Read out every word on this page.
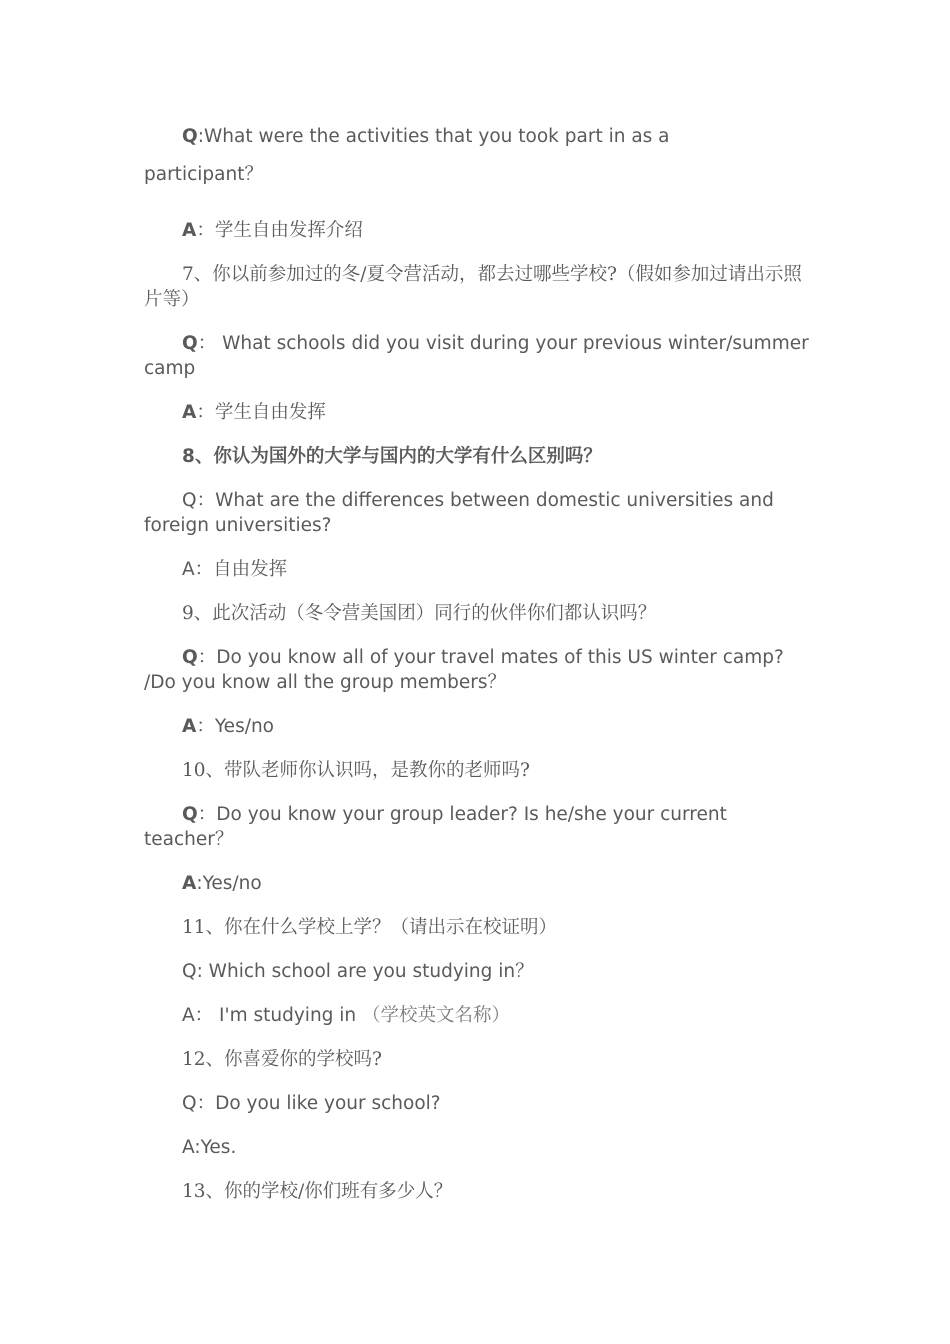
Q:What were the activities that you took part in as a
participant？
A：学生自由发挥介绍
7、你以前参加过的冬/夏令营活动，都去过哪些学校?（假如参加过请出示照片等）
Q： What schools did you visit during your previous winter/summer camp
A：学生自由发挥
8、你认为国外的大学与国内的大学有什么区别吗？
Q：What are the differences between domestic universities and foreign universities?
A：自由发挥
9、此次活动（冬令营美国团）同行的伙伴你们都认识吗？
Q：Do you know all of your travel mates of this US winter camp? /Do you know all the group members？
A：Yes/no
10、带队老师你认识吗，是教你的老师吗?
Q：Do you know your group leader? Is he/she your current teacher？
A:Yes/no
11、你在什么学校上学？（请出示在校证明）
Q: Which school are you studying in？
A： I'm studying in （学校英文名称）
12、你喜爱你的学校吗?
Q：Do you like your school?
A:Yes.
13、你的学校/你们班有多少人？
